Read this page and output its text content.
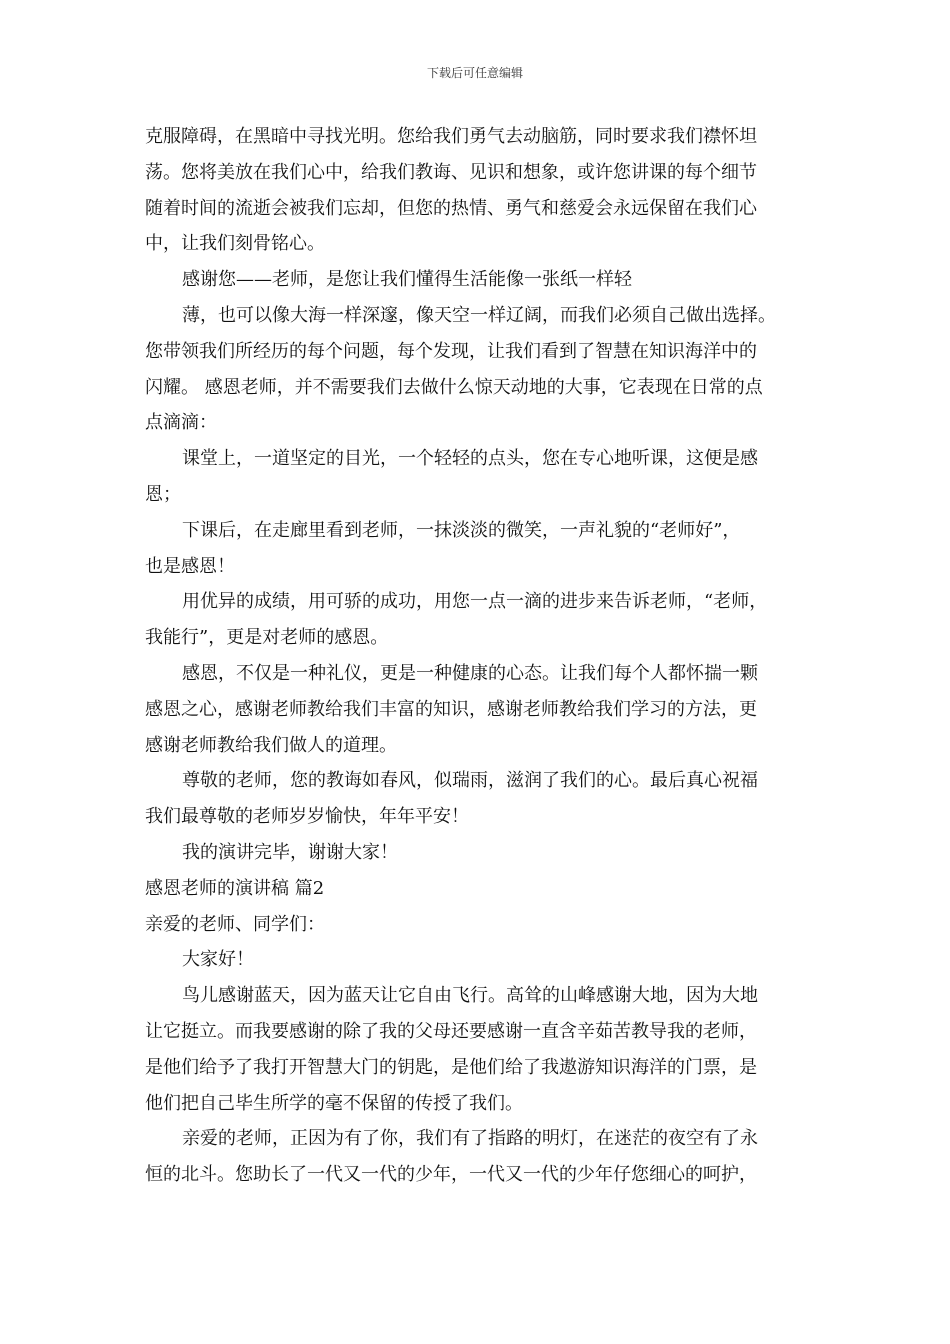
下载后可任意编辑
克服障碍，在黑暗中寻找光明。您给我们勇气去动脑筋，同时要求我们襟怀坦
荡。您将美放在我们心中，给我们教诲、见识和想象，或许您讲课的每个细节
随着时间的流逝会被我们忘却，但您的热情、勇气和慈爱会永远保留在我们心
中，让我们刻骨铭心。
感谢您——老师，是您让我们懂得生活能像一张纸一样轻
薄，也可以像大海一样深邃，像天空一样辽阔，而我们必须自己做出选择。
您带领我们所经历的每个问题，每个发现，让我们看到了智慧在知识海洋中的
闪耀。 感恩老师，并不需要我们去做什么惊天动地的大事，它表现在日常的点
点滴滴：
课堂上，一道坚定的目光，一个轻轻的点头，您在专心地听课，这便是感
恩；
下课后，在走廊里看到老师，一抹淡淡的微笑，一声礼貌的“老师好”，
也是感恩！
用优异的成绩，用可骄的成功，用您一点一滴的进步来告诉老师，“老师，
我能行”，更是对老师的感恩。
感恩，不仅是一种礼仪，更是一种健康的心态。让我们每个人都怀揣一颗
感恩之心，感谢老师教给我们丰富的知识，感谢老师教给我们学习的方法，更
感谢老师教给我们做人的道理。
尊敬的老师，您的教诲如春风，似瑞雨，滋润了我们的心。最后真心祝福
我们最尊敬的老师岁岁愉快，年年平安！
我的演讲完毕，谢谢大家！
感恩老师的演讲稿 篇2
亲爱的老师、同学们：
大家好！
鸟儿感谢蓝天，因为蓝天让它自由飞行。高耸的山峰感谢大地，因为大地
让它挺立。而我要感谢的除了我的父母还要感谢一直含辛茹苦教导我的老师，
是他们给予了我打开智慧大门的钥匙，是他们给了我遨游知识海洋的门票，是
他们把自己毕生所学的毫不保留的传授了我们。
亲爱的老师，正因为有了你，我们有了指路的明灯，在迷茫的夜空有了永
恒的北斗。您助长了一代又一代的少年，一代又一代的少年仔您细心的呵护，
